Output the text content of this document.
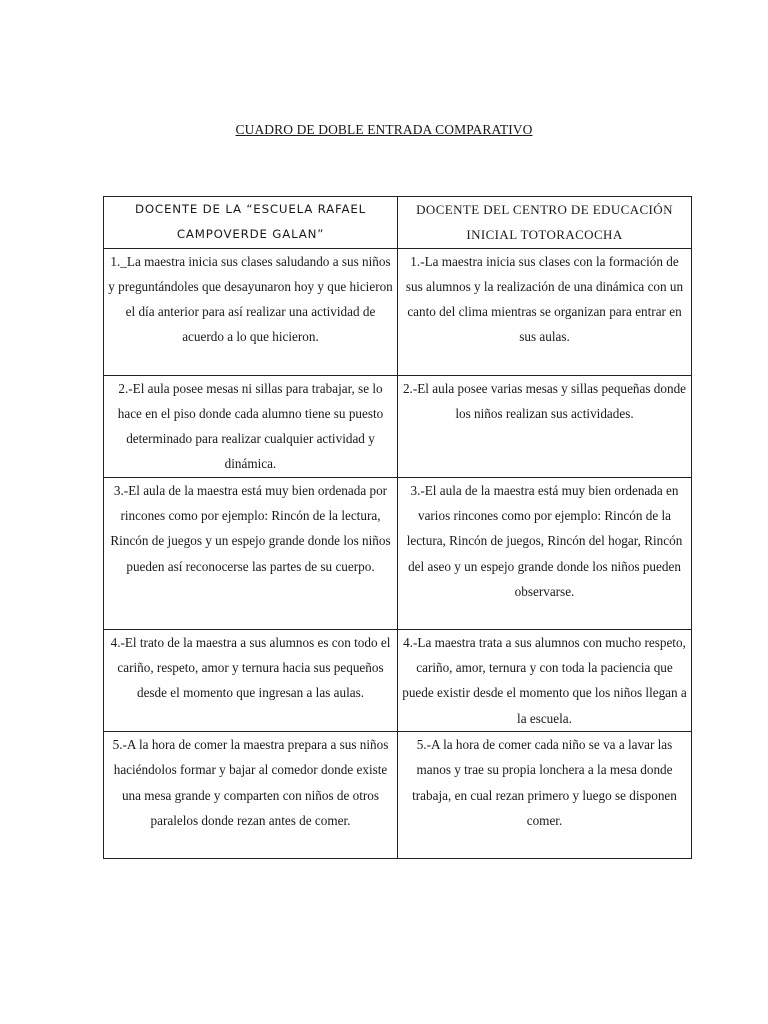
CUADRO DE DOBLE ENTRADA COMPARATIVO
DOCENTE DE LA “ESCUELA RAFAEL CAMPOVERDE GALAN”	DOCENTE DEL CENTRO DE EDUCACIÓN INICIAL TOTORACOCHA
1._La maestra inicia sus clases saludando a sus niños y preguntándoles que desayunaron hoy y que hicieron el día anterior para así realizar una actividad de acuerdo a lo que hicieron.	1.-La maestra inicia sus clases con la formación de sus alumnos y la realización de una dinámica con un canto del clima mientras se organizan para entrar en sus aulas.
2.-El aula posee mesas ni sillas para trabajar, se lo hace en el piso donde cada alumno tiene su puesto determinado para realizar cualquier actividad y dinámica.	2.-El aula posee varias mesas y sillas pequeñas donde los niños realizan sus actividades.
3.-El aula de la maestra está muy bien ordenada por rincones como por ejemplo: Rincón de la lectura, Rincón de juegos y un espejo grande donde los niños pueden así reconocerse las partes de su cuerpo.	3.-El aula de la maestra está muy bien ordenada en varios rincones como por ejemplo: Rincón de la lectura, Rincón de juegos, Rincón del hogar, Rincón del aseo y un espejo grande donde los niños pueden observarse.
4.-El trato de la maestra a sus alumnos es con todo el cariño, respeto, amor y ternura hacia sus pequeños desde el momento que ingresan a las aulas.	4.-La maestra trata a sus alumnos con mucho respeto, cariño, amor, ternura y con toda la paciencia que puede existir desde el momento que los niños llegan a la escuela.
5.-A la hora de comer la maestra prepara a sus niños haciéndolos formar y bajar al comedor donde existe una mesa grande y comparten con niños de otros paralelos donde rezan antes de comer.	5.-A la hora de comer cada niño se va a lavar las manos y trae su propia lonchera a la mesa donde trabaja, en cual rezan primero y luego se disponen comer.
